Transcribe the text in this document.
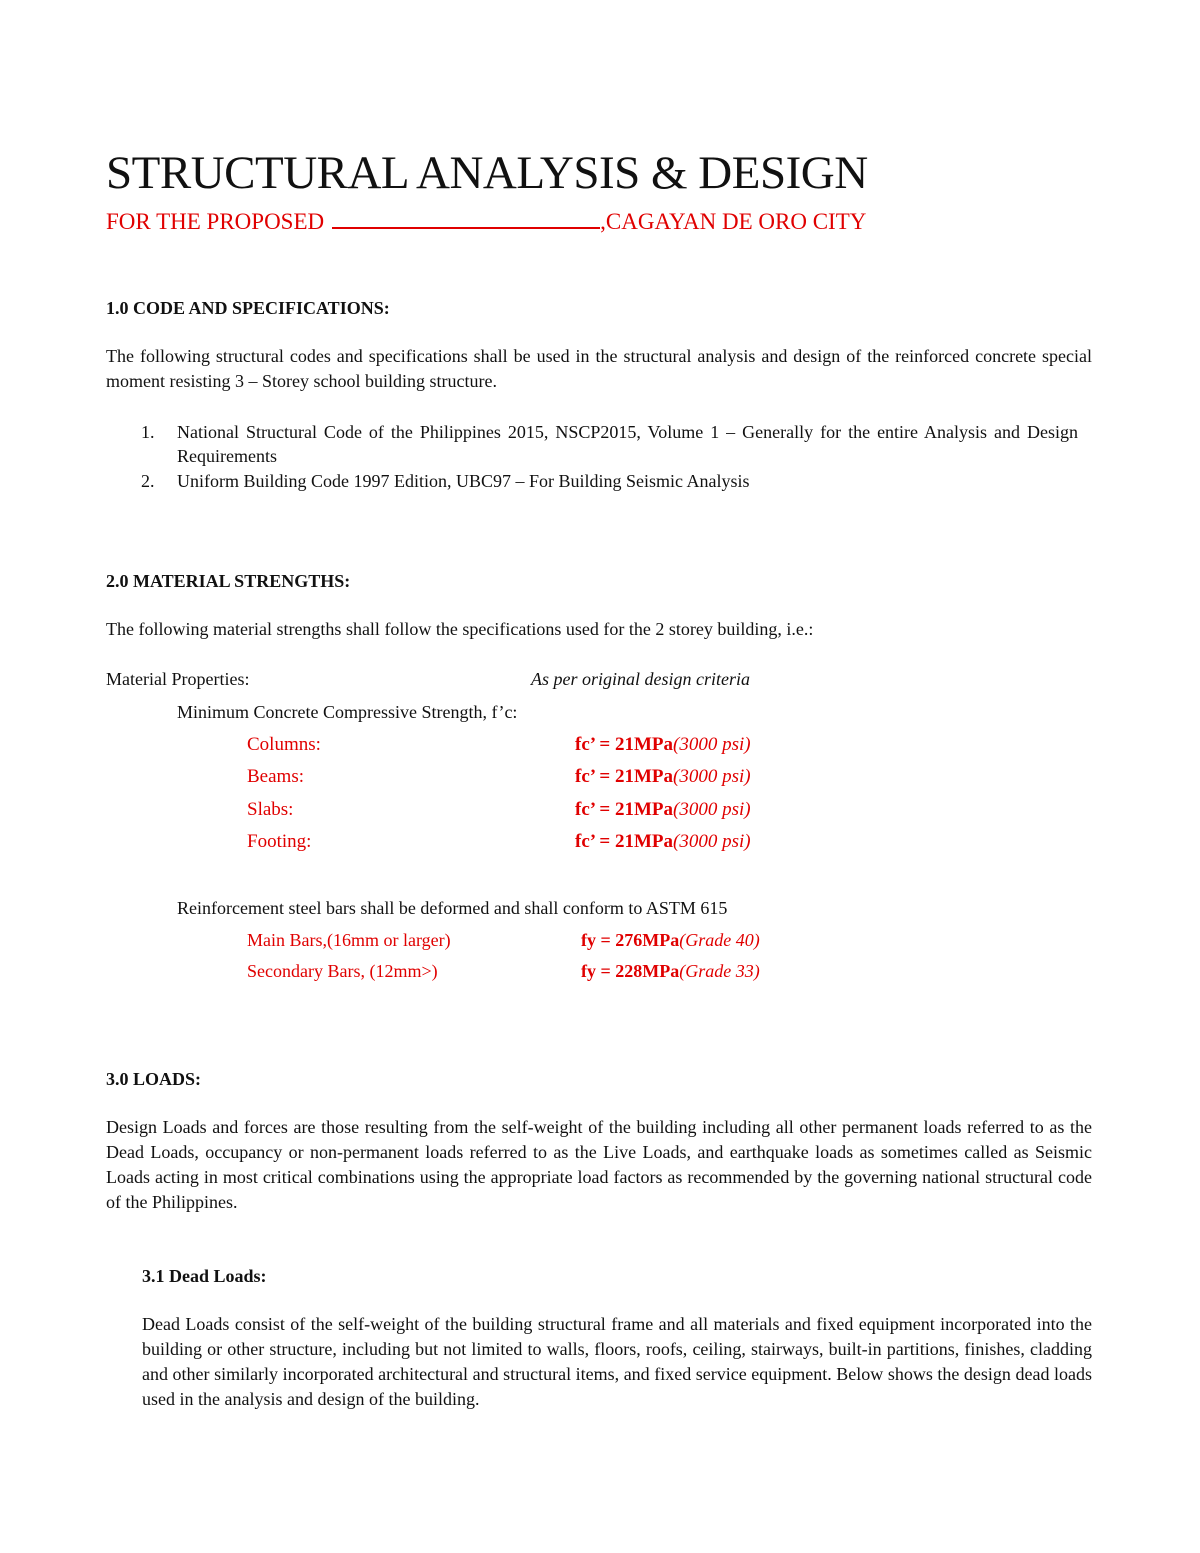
STRUCTURAL ANALYSIS & DESIGN
FOR THE PROPOSED	,CAGAYAN DE ORO CITY
1.0 CODE AND SPECIFICATIONS:
The following structural codes and specifications shall be used in the structural analysis and design of the reinforced concrete special moment resisting 3 – Storey school building structure.
1. National Structural Code of the Philippines 2015, NSCP2015, Volume 1 – Generally for the entire Analysis and Design Requirements
2. Uniform Building Code 1997 Edition, UBC97 – For Building Seismic Analysis
2.0 MATERIAL STRENGTHS:
The following material strengths shall follow the specifications used for the 2 storey building, i.e.:
Material Properties:	As per original design criteria
Minimum Concrete Compressive Strength, f’c:
Columns:	fc’ = 21MPa(3000 psi)
Beams:	fc’ = 21MPa(3000 psi)
Slabs:	fc’ = 21MPa(3000 psi)
Footing:	fc’ = 21MPa(3000 psi)
Reinforcement steel bars shall be deformed and shall conform to ASTM 615
Main Bars,(16mm or larger)	fy = 276MPa(Grade 40)
Secondary Bars, (12mm>)	fy = 228MPa(Grade 33)
3.0 LOADS:
Design Loads and forces are those resulting from the self-weight of the building including all other permanent loads referred to as the Dead Loads, occupancy or non-permanent loads referred to as the Live Loads, and earthquake loads as sometimes called as Seismic Loads acting in most critical combinations using the appropriate load factors as recommended by the governing national structural code of the Philippines.
3.1 Dead Loads:
Dead Loads consist of the self-weight of the building structural frame and all materials and fixed equipment incorporated into the building or other structure, including but not limited to walls, floors, roofs, ceiling, stairways, built-in partitions, finishes, cladding and other similarly incorporated architectural and structural items, and fixed service equipment. Below shows the design dead loads used in the analysis and design of the building.
